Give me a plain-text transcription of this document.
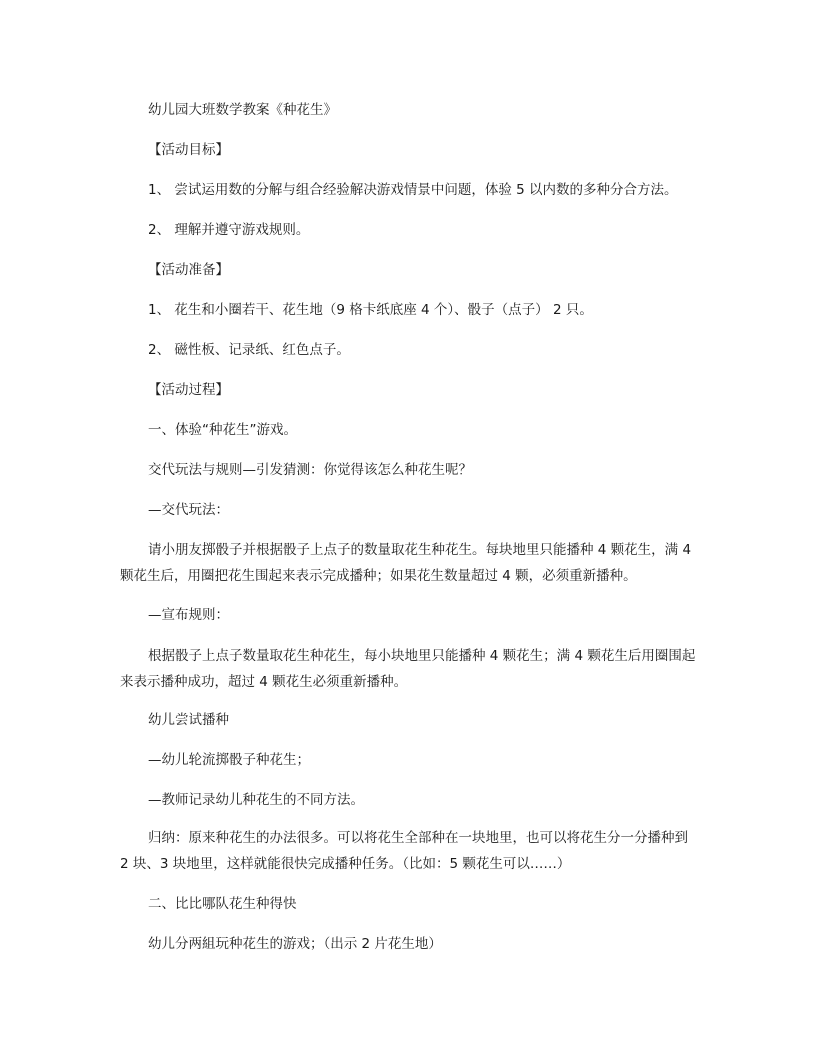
幼儿园大班数学教案《种花生》

【活动目标】

1、 尝试运用数的分解与组合经验解决游戏情景中问题，体验 5 以内数的多种分合方法。

2、 理解并遵守游戏规则。

【活动准备】

1、 花生和小圈若干、花生地（9 格卡纸底座 4 个）、骰子（点子） 2 只。

2、 磁性板、记录纸、红色点子。

【活动过程】

一、体验“种花生”游戏。

交代玩法与规则—引发猜测：你觉得该怎么种花生呢？

—交代玩法：

请小朋友掷骰子并根据骰子上点子的数量取花生种花生。每块地里只能播种 4 颗花生，满 4 颗花生后，用圈把花生围起来表示完成播种；如果花生数量超过 4 颗，必须重新播种。

—宣布规则：

根据骰子上点子数量取花生种花生，每小块地里只能播种 4 颗花生；满 4 颗花生后用圈围起来表示播种成功，超过 4 颗花生必须重新播种。

幼儿尝试播种

—幼儿轮流掷骰子种花生；

—教师记录幼儿种花生的不同方法。

归纳：原来种花生的办法很多。可以将花生全部种在一块地里，也可以将花生分一分播种到 2 块、3 块地里，这样就能很快完成播种任务。（比如：5 颗花生可以……）

二、比比哪队花生种得快

幼儿分两組玩种花生的游戏；（出示 2 片花生地）
